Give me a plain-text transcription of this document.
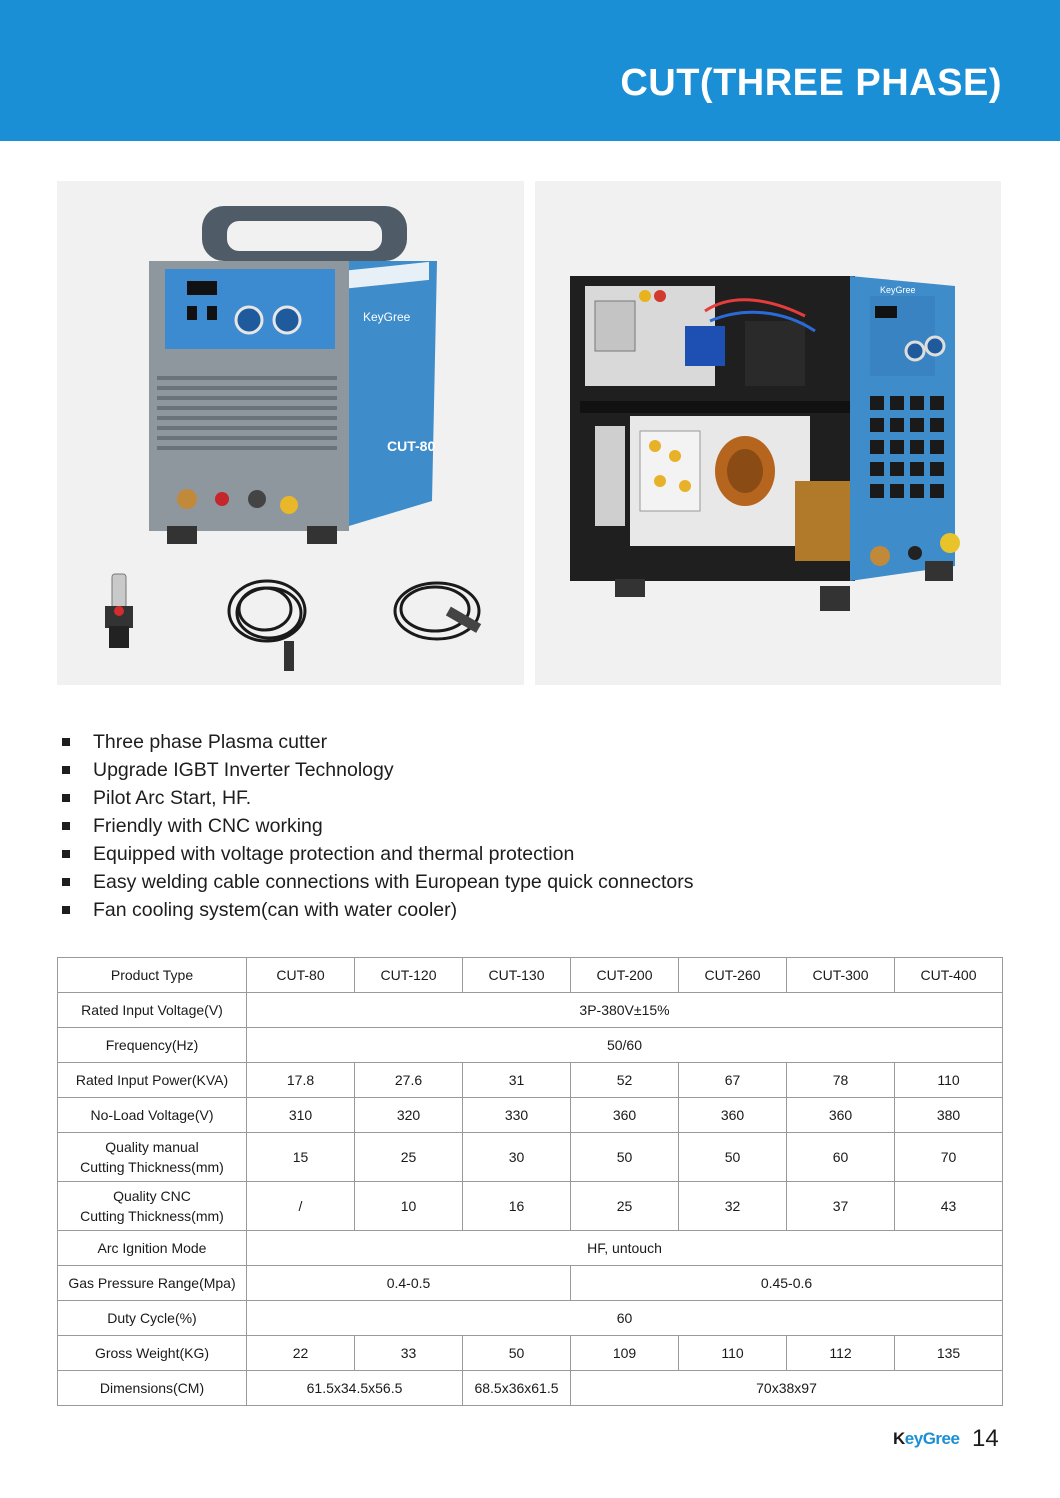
CUT(THREE PHASE)
KeyGree
CUT-80
KeyGree
Three phase Plasma cutter
Upgrade IGBT Inverter Technology
Pilot Arc Start, HF.
Friendly with CNC working
Equipped with voltage protection and thermal protection
Easy welding cable connections with European type quick connectors
Fan cooling system(can with water cooler)
Product Type	CUT-80	CUT-120	CUT-130	CUT-200	CUT-260	CUT-300	CUT-400
Rated Input Voltage(V)	3P-380V±15%						
Frequency(Hz)	50/60						
Rated Input Power(KVA)	17.8	27.6	31	52	67	78	110
No-Load Voltage(V)	310	320	330	360	360	360	380

Quality manual
Cutting Thickness(mm)	15	25	30	50	50	60	70

Quality CNC
Cutting Thickness(mm)	/	10	16	25	32	37	43
Arc Ignition Mode	HF, untouch						
Gas Pressure Range(Mpa)	0.4-0.5			0.45-0.6			
Duty Cycle(%)	60						
Gross Weight(KG)	22	33	50	109	110	112	135
Dimensions(CM)	61.5x34.5x56.5		68.5x36x61.5	70x38x97			
KeyGree 14
